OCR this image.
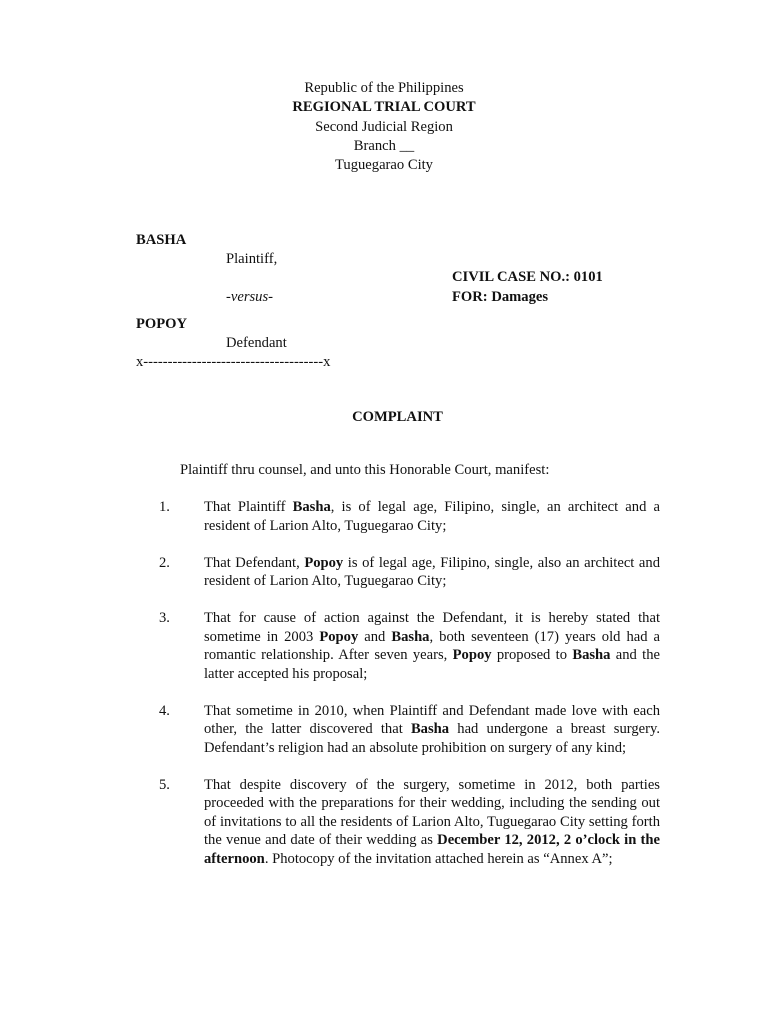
Republic of the Philippines
REGIONAL TRIAL COURT
Second Judicial Region
Branch __
Tuguegarao City
BASHA
Plaintiff,
CIVIL CASE NO.: 0101
-versus-	FOR: Damages
POPOY
Defendant
x-------------------------------------x
COMPLAINT
Plaintiff thru counsel, and unto this Honorable Court, manifest:
1.	That Plaintiff Basha, is of legal age, Filipino, single, an architect and a resident of Larion Alto, Tuguegarao City;
2.	That Defendant, Popoy is of legal age, Filipino, single, also an architect and resident of Larion Alto, Tuguegarao City;
3.	That for cause of action against the Defendant, it is hereby stated that sometime in 2003 Popoy and Basha, both seventeen (17) years old had a romantic relationship. After seven years, Popoy proposed to Basha and the latter accepted his proposal;
4.	That sometime in 2010, when Plaintiff and Defendant made love with each other, the latter discovered that Basha had undergone a breast surgery. Defendant’s religion had an absolute prohibition on surgery of any kind;
5.	That despite discovery of the surgery, sometime in 2012, both parties proceeded with the preparations for their wedding, including the sending out of invitations to all the residents of Larion Alto, Tuguegarao City setting forth the venue and date of their wedding as December 12, 2012, 2 o’clock in the afternoon. Photocopy of the invitation attached herein as “Annex A”;
